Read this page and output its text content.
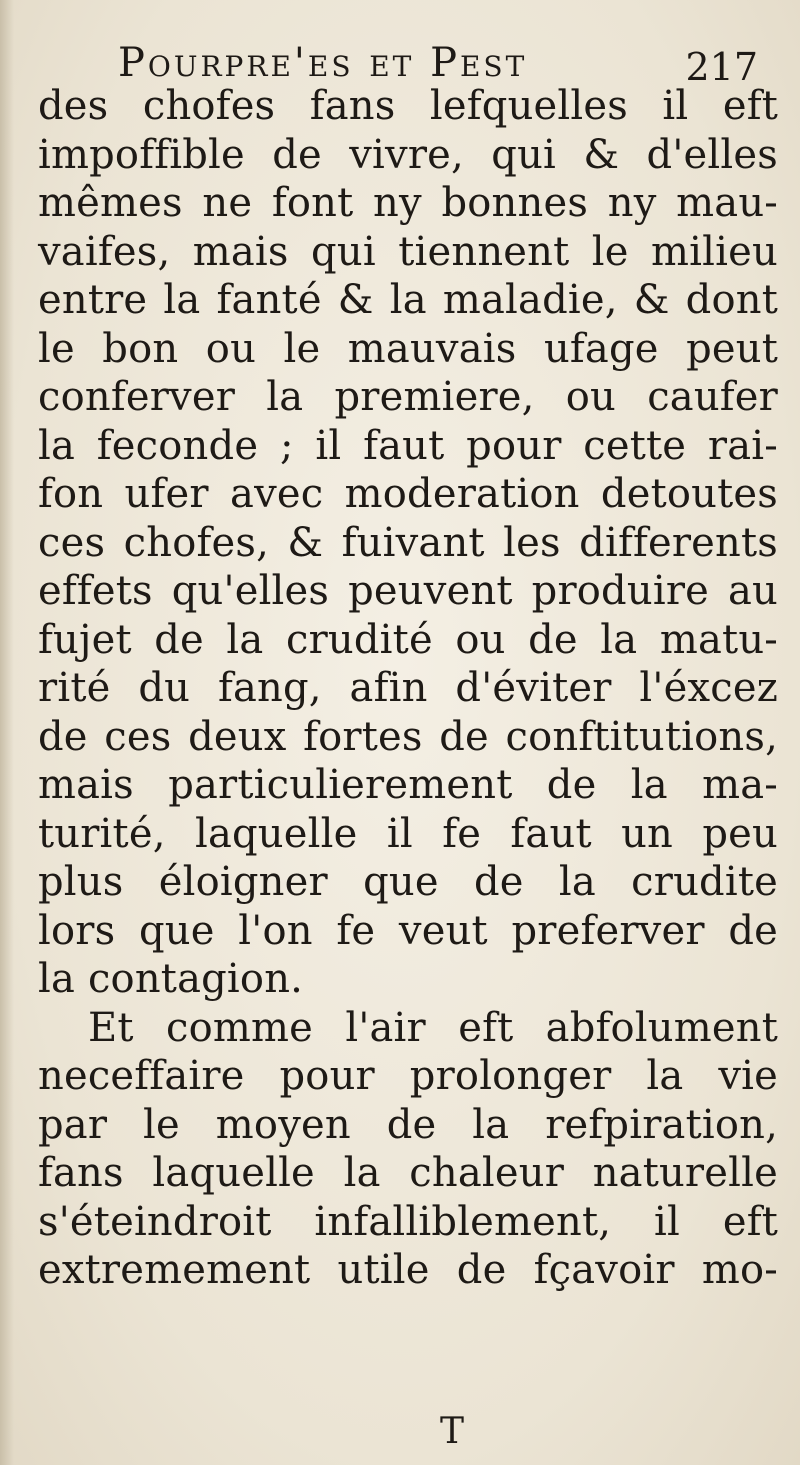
Pourpre'es et Pest	217
des chofes fans lefquelles il eft
impoffible de vivre, qui & d'elles
mêmes ne font ny bonnes ny mau-
vaifes, mais qui tiennent le milieu
entre la fanté & la maladie, & dont
le bon ou le mauvais ufage peut
conferver la premiere, ou caufer
la feconde ; il faut pour cette rai-
fon ufer avec moderation detoutes
ces chofes, & fuivant les differents
effets qu'elles peuvent produire au
fujet de la crudité ou de la matu-
rité du fang, afin d'éviter l'éxcez
de ces deux fortes de conftitutions,
mais particulierement de la ma-
turité, laquelle il fe faut un peu
plus éloigner que de la crudite
lors que l'on fe veut preferver de
la contagion.
Et comme l'air eft abfolument
neceffaire pour prolonger la vie
par le moyen de la refpiration,
fans laquelle la chaleur naturelle
s'éteindroit infalliblement, il eft
extremement utile de fçavoir mo-
T
